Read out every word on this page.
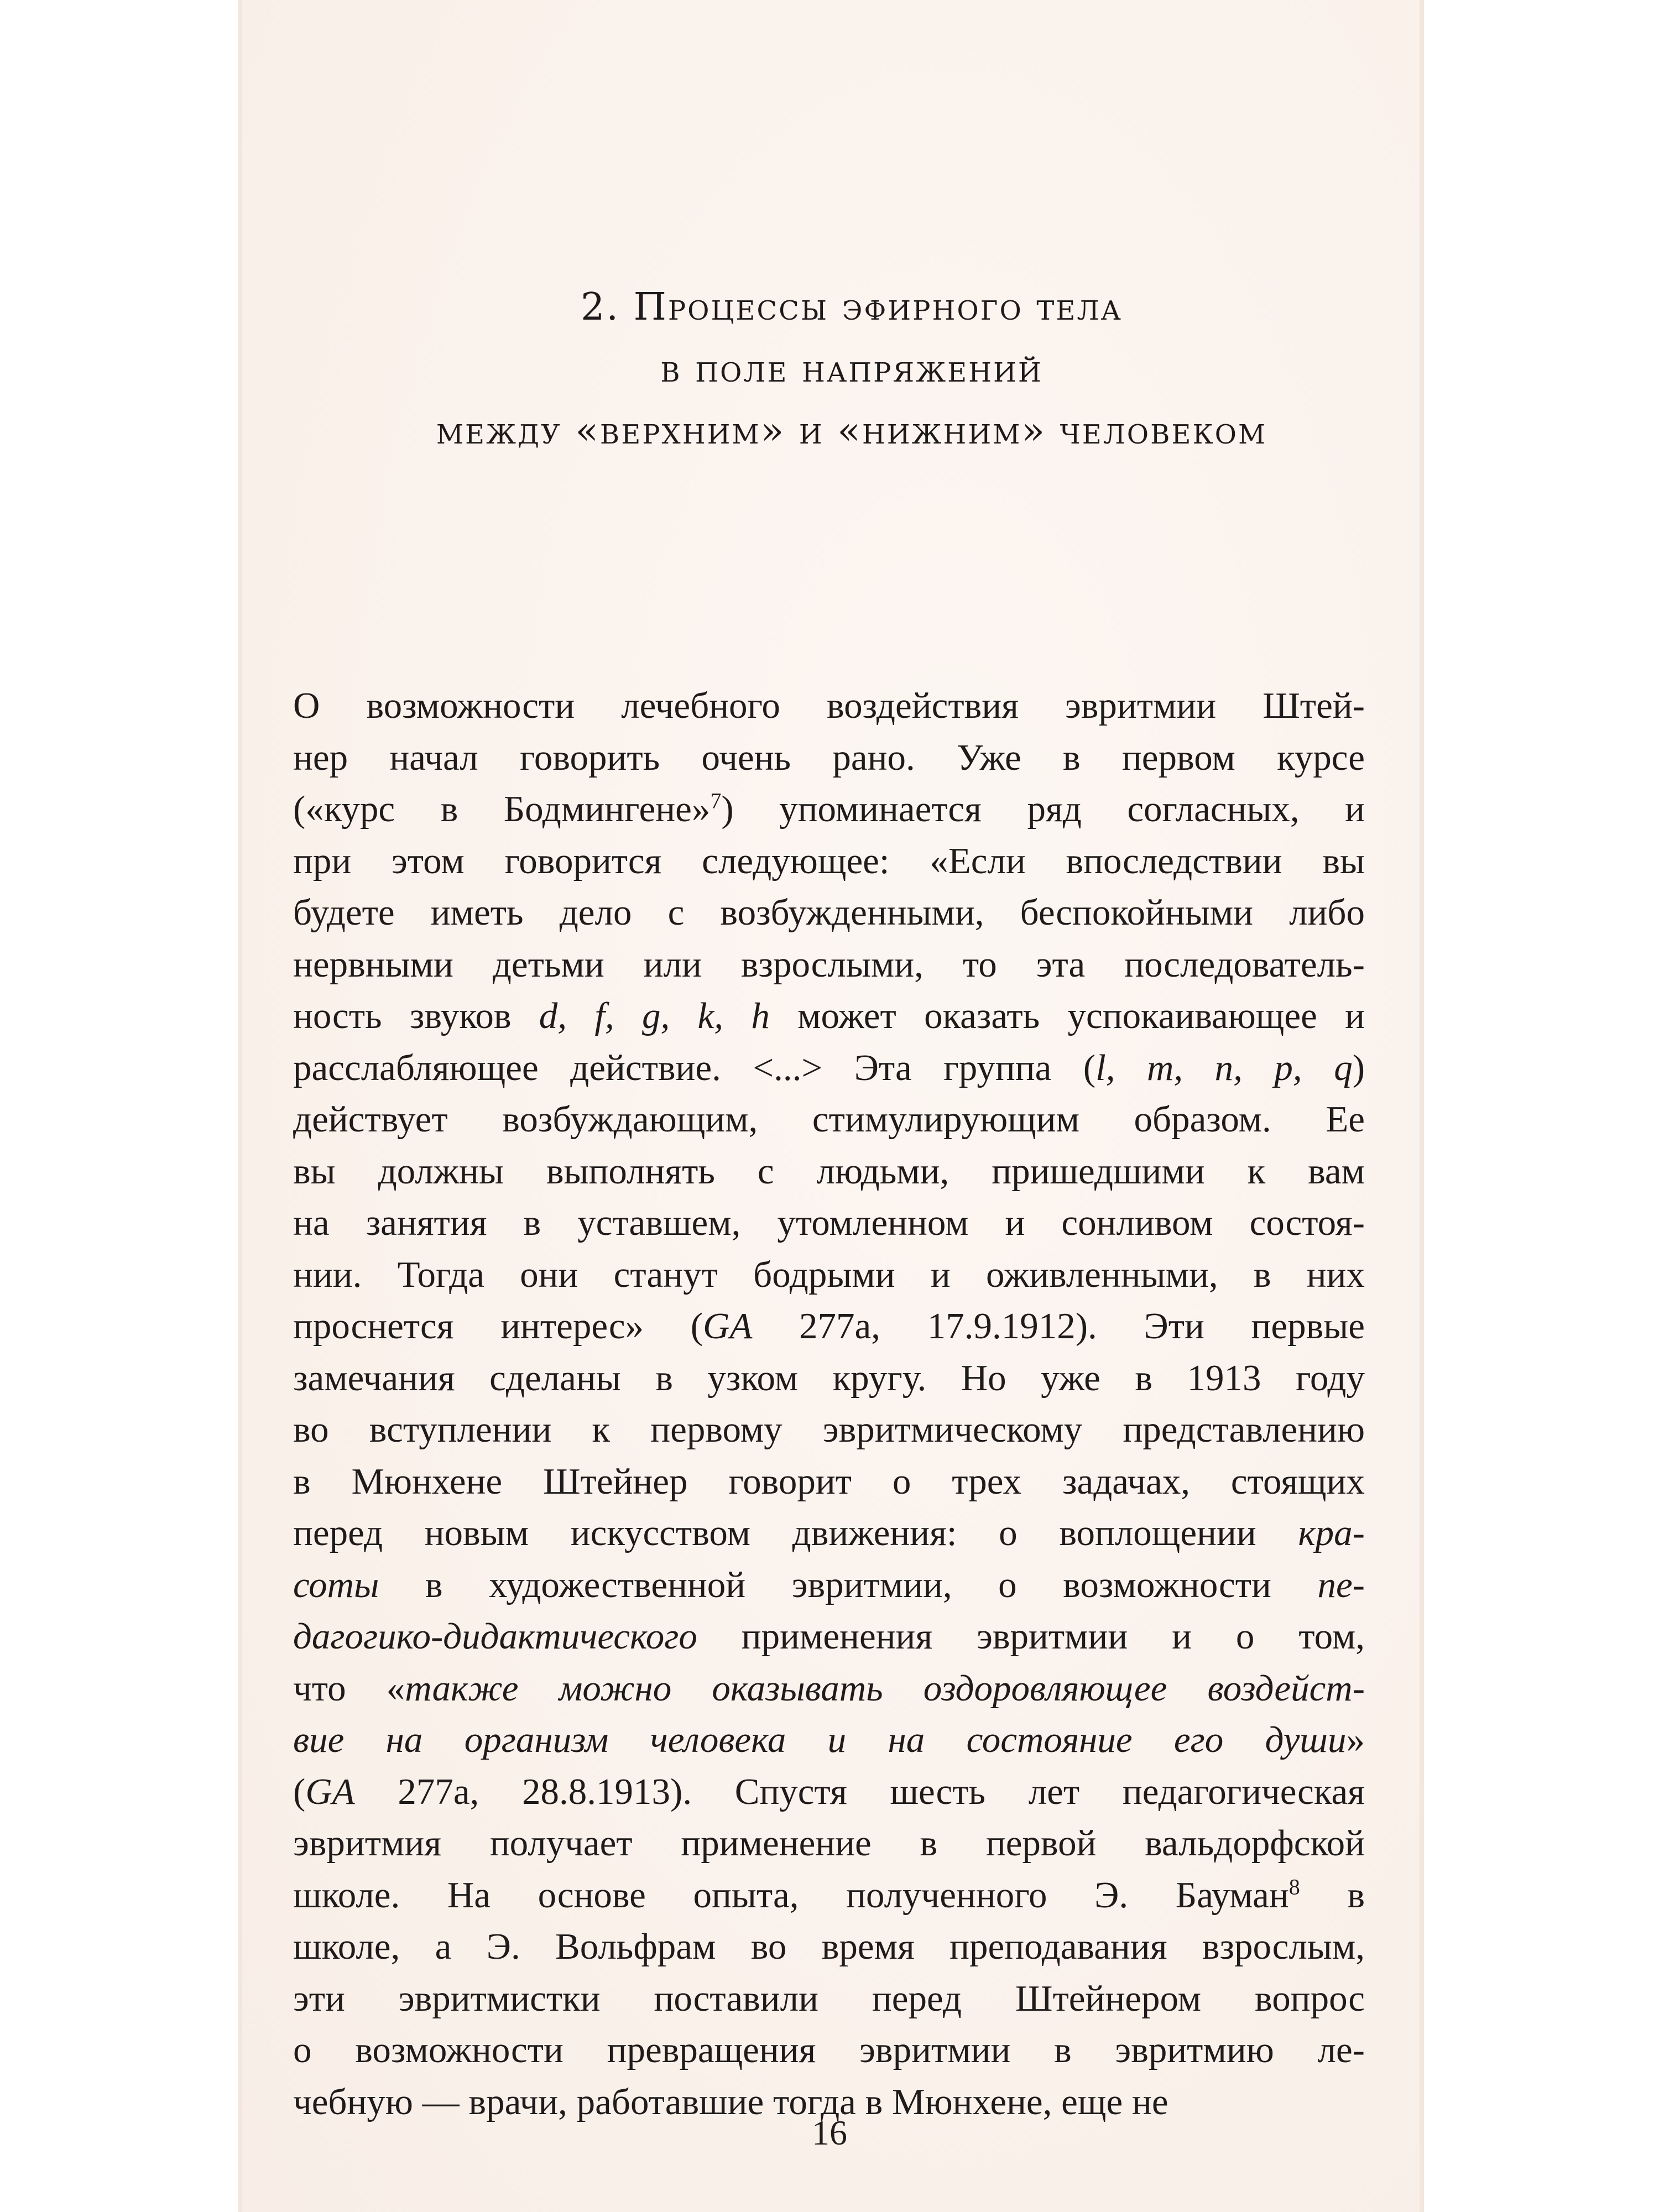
2. Процессы эфирного тела
в поле напряжений
между «верхним» и «нижним» человеком
О возможности лечебного воздействия эвритмии Штей-
нер начал говорить очень рано. Уже в первом курсе
(«курс в Бодмингене»$^7$) упоминается ряд согласных, и
при этом говорится следующее: «Если впоследствии вы
будете иметь дело с возбужденными, беспокойными либо
нервными детьми или взрослыми, то эта последователь-
ность звуков d, f, g, k, h может оказать успокаивающее и
расслабляющее действие. <...> Эта группа (l, m, n, p, q)
действует возбуждающим, стимулирующим образом. Ее
вы должны выполнять с людьми, пришедшими к вам
на занятия в уставшем, утомленном и сонливом состоя-
нии. Тогда они станут бодрыми и оживленными, в них
проснется интерес» (GA 277a, 17.9.1912). Эти первые
замечания сделаны в узком кругу. Но уже в 1913 году
во вступлении к первому эвритмическому представлению
в Мюнхене Штейнер говорит о трех задачах, стоящих
перед новым искусством движения: о воплощении кра-
соты в художественной эвритмии, о возможности пе-
дагогико-дидактического применения эвритмии и о том,
что «также можно оказывать оздоровляющее воздейст-
вие на организм человека и на состояние его души»
(GA 277a, 28.8.1913). Спустя шесть лет педагогическая
эвритмия получает применение в первой вальдорфской
школе. На основе опыта, полученного Э. Бауман$^8$ в
школе, а Э. Вольфрам во время преподавания взрослым,
эти эвритмистки поставили перед Штейнером вопрос
о возможности превращения эвритмии в эвритмию ле-
чебную — врачи, работавшие тогда в Мюнхене, еще не
16
